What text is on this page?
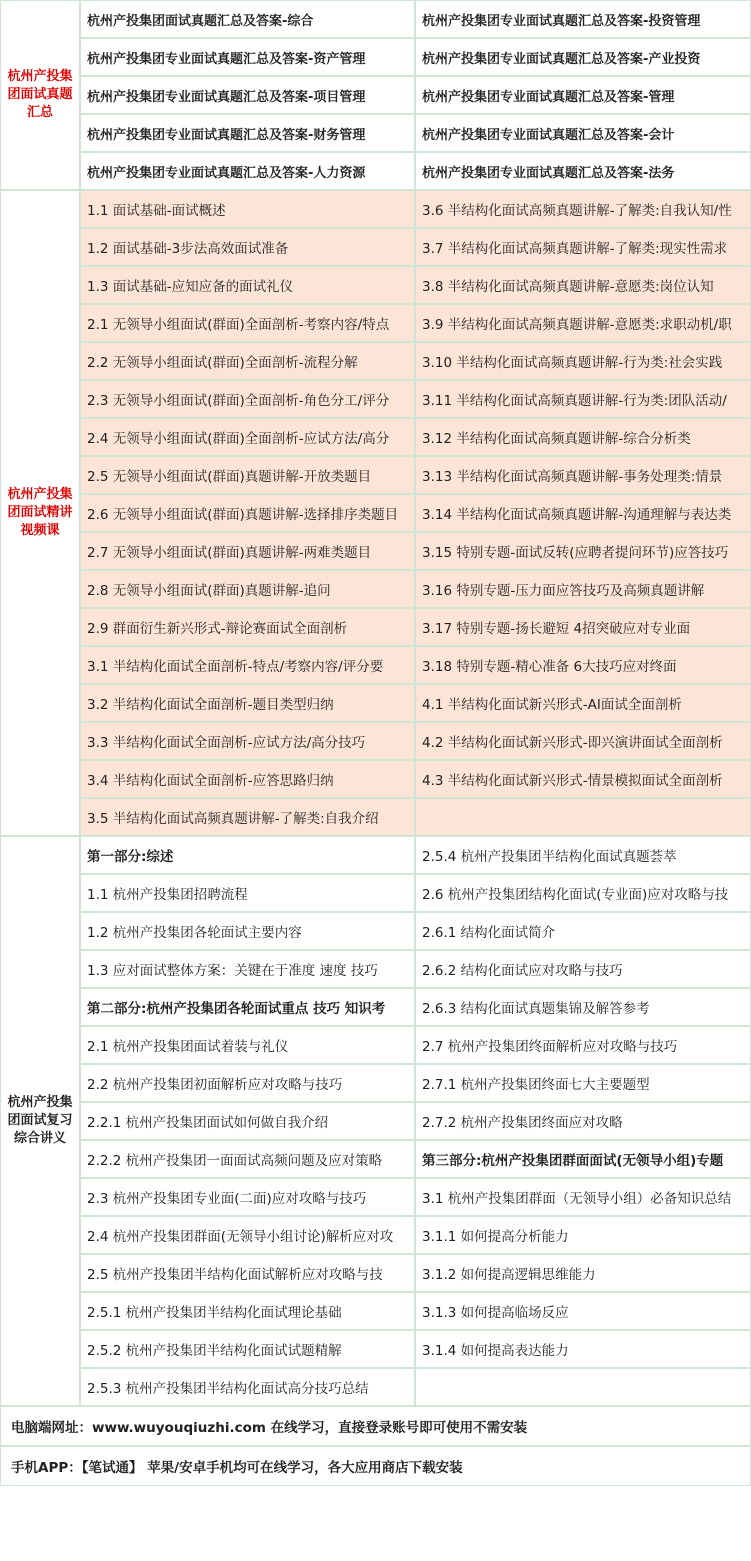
杭州产投集团面试真题汇总	杭州产投集团面试真题汇总及答案-综合	杭州产投集团专业面试真题汇总及答案-投资管理
	杭州产投集团专业面试真题汇总及答案-资产管理	杭州产投集团专业面试真题汇总及答案-产业投资
	杭州产投集团专业面试真题汇总及答案-项目管理	杭州产投集团专业面试真题汇总及答案-管理
	杭州产投集团专业面试真题汇总及答案-财务管理	杭州产投集团专业面试真题汇总及答案-会计
	杭州产投集团专业面试真题汇总及答案-人力资源	杭州产投集团专业面试真题汇总及答案-法务
杭州产投集团面试精讲视频课	1.1 面试基础-面试概述	3.6 半结构化面试高频真题讲解-了解类:自我认知/性
	1.2 面试基础-3步法高效面试准备	3.7 半结构化面试高频真题讲解-了解类:现实性需求
	1.3 面试基础-应知应备的面试礼仪	3.8 半结构化面试高频真题讲解-意愿类:岗位认知
	2.1 无领导小组面试(群面)全面剖析-考察内容/特点	3.9 半结构化面试高频真题讲解-意愿类:求职动机/职
	2.2 无领导小组面试(群面)全面剖析-流程分解	3.10 半结构化面试高频真题讲解-行为类:社会实践
	2.3 无领导小组面试(群面)全面剖析-角色分工/评分	3.11 半结构化面试高频真题讲解-行为类:团队活动/
	2.4 无领导小组面试(群面)全面剖析-应试方法/高分	3.12 半结构化面试高频真题讲解-综合分析类
	2.5 无领导小组面试(群面)真题讲解-开放类题目	3.13 半结构化面试高频真题讲解-事务处理类:情景
	2.6 无领导小组面试(群面)真题讲解-选择排序类题目	3.14 半结构化面试高频真题讲解-沟通理解与表达类
	2.7 无领导小组面试(群面)真题讲解-两难类题目	3.15 特别专题-面试反转(应聘者提问环节)应答技巧
	2.8 无领导小组面试(群面)真题讲解-追问	3.16 特别专题-压力面应答技巧及高频真题讲解
	2.9 群面衍生新兴形式-辩论赛面试全面剖析	3.17 特别专题-扬长避短 4招突破应对专业面
	3.1 半结构化面试全面剖析-特点/考察内容/评分要	3.18 特别专题-精心准备 6大技巧应对终面
	3.2 半结构化面试全面剖析-题目类型归纳	4.1 半结构化面试新兴形式-AI面试全面剖析
	3.3 半结构化面试全面剖析-应试方法/高分技巧	4.2 半结构化面试新兴形式-即兴演讲面试全面剖析
	3.4 半结构化面试全面剖析-应答思路归纳	4.3 半结构化面试新兴形式-情景模拟面试全面剖析
	3.5 半结构化面试高频真题讲解-了解类:自我介绍	
杭州产投集团面试复习综合讲义	第一部分:综述	2.5.4 杭州产投集团半结构化面试真题荟萃
	1.1 杭州产投集团招聘流程	2.6 杭州产投集团结构化面试(专业面)应对攻略与技
	1.2 杭州产投集团各轮面试主要内容	2.6.1 结构化面试简介
	1.3 应对面试整体方案：关键在于准度 速度 技巧	2.6.2 结构化面试应对攻略与技巧
	第二部分:杭州产投集团各轮面试重点 技巧 知识考	2.6.3 结构化面试真题集锦及解答参考
	2.1 杭州产投集团面试着装与礼仪	2.7 杭州产投集团终面解析应对攻略与技巧
	2.2 杭州产投集团初面解析应对攻略与技巧	2.7.1 杭州产投集团终面七大主要题型
	2.2.1 杭州产投集团面试如何做自我介绍	2.7.2 杭州产投集团终面应对攻略
	2.2.2 杭州产投集团一面面试高频问题及应对策略	第三部分:杭州产投集团群面面试(无领导小组)专题
	2.3 杭州产投集团专业面(二面)应对攻略与技巧	3.1 杭州产投集团群面（无领导小组）必备知识总结
	2.4 杭州产投集团群面(无领导小组讨论)解析应对攻	3.1.1 如何提高分析能力
	2.5 杭州产投集团半结构化面试解析应对攻略与技	3.1.2 如何提高逻辑思维能力
	2.5.1 杭州产投集团半结构化面试理论基础	3.1.3 如何提高临场反应
	2.5.2 杭州产投集团半结构化面试试题精解	3.1.4 如何提高表达能力
	2.5.3 杭州产投集团半结构化面试高分技巧总结	
电脑端网址：www.wuyouqiuzhi.com 在线学习，直接登录账号即可使用不需安装		
手机APP：【笔试通】 苹果/安卓手机均可在线学习，各大应用商店下载安装		
